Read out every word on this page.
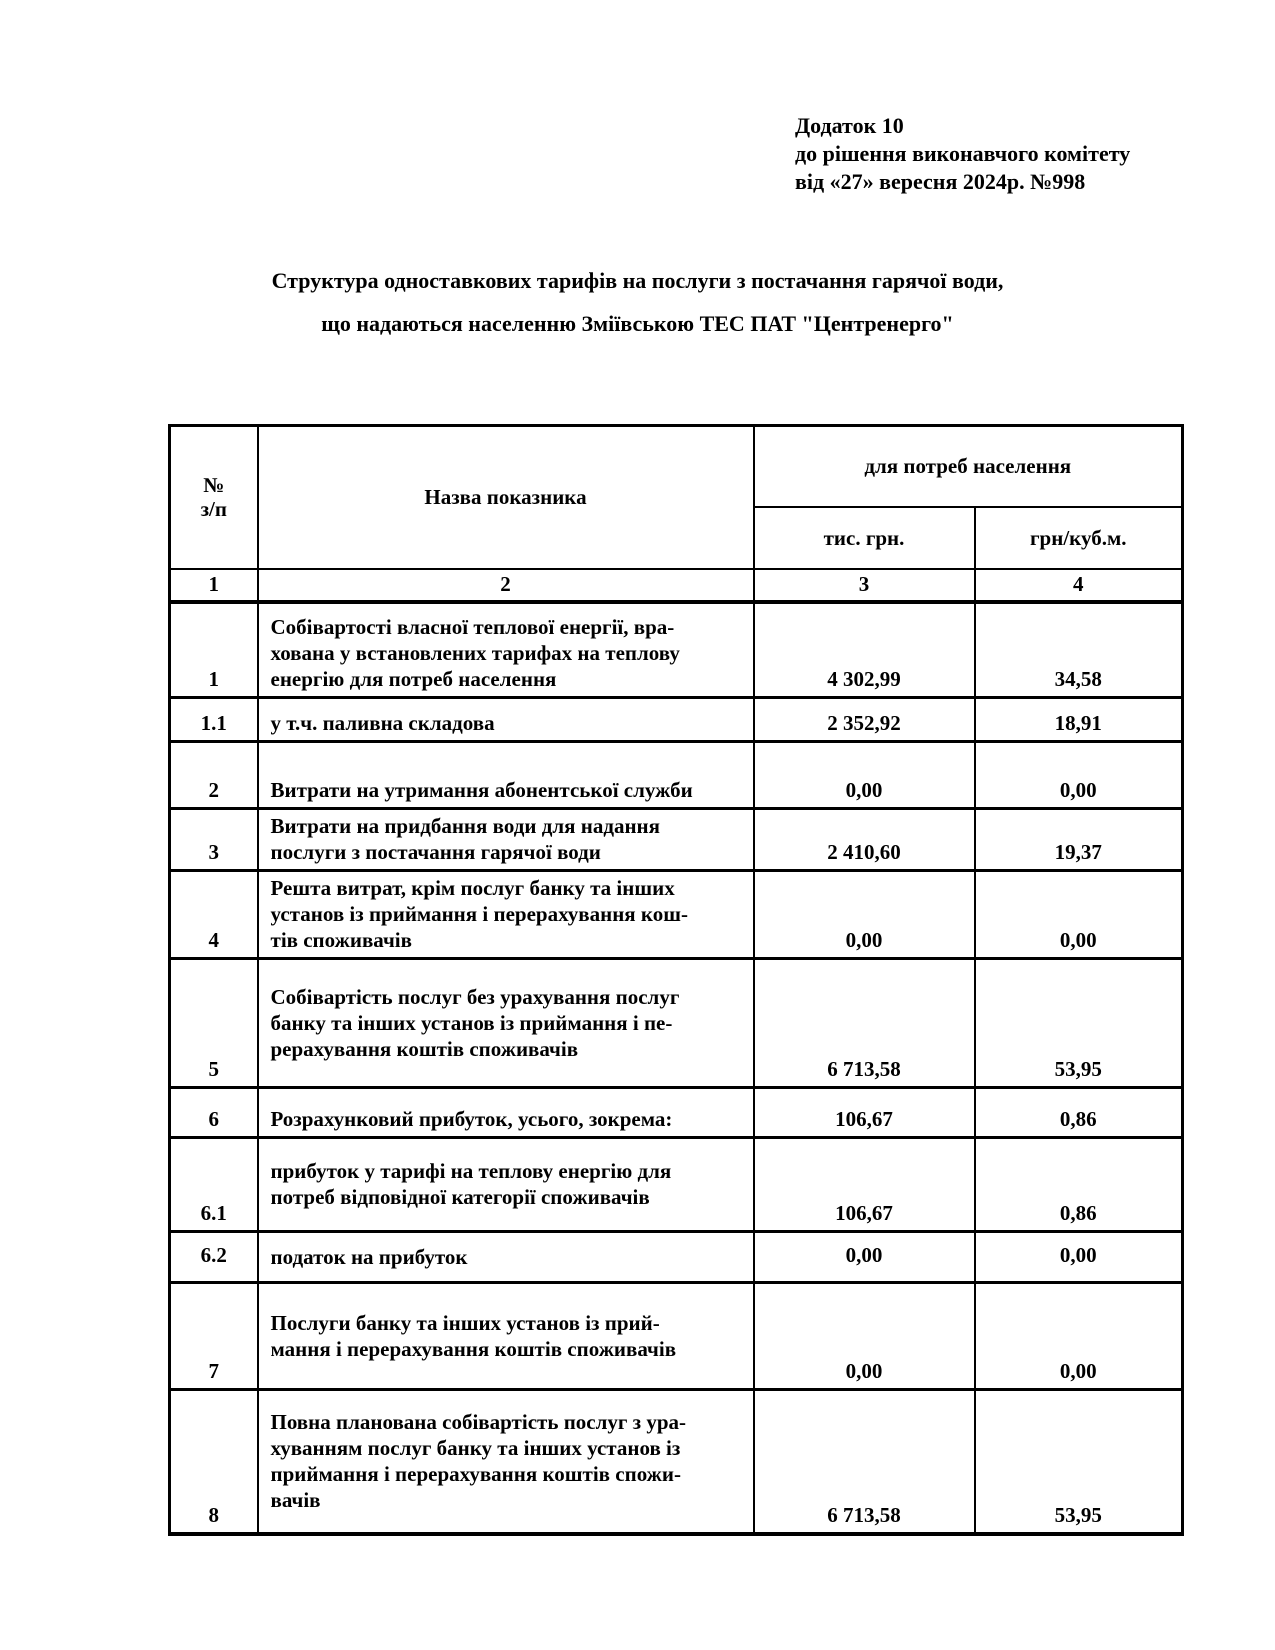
Додаток 10
до рішення виконавчого комітету
від «27» вересня 2024р. №998
Структура одноставкових тарифів на послуги з постачання гарячої води,
що надаються населенню Зміївською ТЕС ПАТ "Центренерго"
№
з/п	Назва показника	для потреб населення	
		тис. грн.	грн/куб.м.
1	2	3	4
1	Собівартості власної теплової енергії, вра-
хована у встановлених тарифах на теплову
енергію для потреб населення	4 302,99	34,58
1.1	у т.ч. паливна складова	2 352,92	18,91
2	Витрати на утримання абонентської служби	0,00	0,00
3	Витрати на придбання води для надання
послуги з постачання гарячої води	2 410,60	19,37
4	Решта витрат, крім послуг банку та інших
установ із приймання і перерахування кош-
тів споживачів	0,00	0,00
5	Собівартість послуг без урахування послуг
банку та інших установ із приймання і пе-
рерахування коштів споживачів	6 713,58	53,95
6	Розрахунковий прибуток, усього, зокрема:	106,67	0,86
6.1	прибуток у тарифі на теплову енергію для
потреб відповідної категорії споживачів	106,67	0,86
6.2	податок на прибуток	0,00	0,00
7	Послуги банку та інших установ із прий-
мання і перерахування коштів споживачів	0,00	0,00
8	Повна планована собівартість послуг з ура-
хуванням послуг банку та інших установ із
приймання і перерахування коштів спожи-
вачів	6 713,58	53,95
